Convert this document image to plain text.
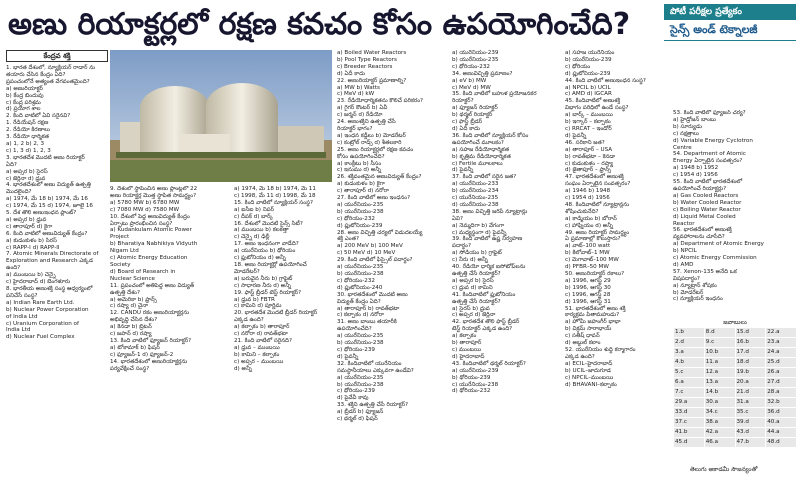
అణు రియాక్టర్లలో రక్షణ కవచం కోసం ఉపయోగించేది?	పోటీ పరీక్షల ప్రత్యేకం
సైన్స్ అండ్ టెక్నాలజీ
కేంద్రవ శక్తి

1. భారత దేశంలో, న్యూక్లియర్ రాడార్ ను

తయారు చేసిన కేంద్రం ఏది?

ప్రపంచంలోనే అత్యంత వేగవంతమైంది?

a) అణురియాక్టర్

b) కేంద్ర బిందువు

c) కేంద్ర పరిశ్రమ

d) ప్రయోగ శాల

2. కింది వాటిలో ఏవి సరైనవి?

1. రేడియేషన్ రక్షణ

2. రేడియో కిరణాలు

3. రేడియో ధార్మికత

a) 1, 2 b) 2, 3

c) 1, 3 d) 1, 2, 3

3. భారతదేశ మొదటి అణు రియాక్టర్

ఏది?

a) అప్సర b) సైరస్

c) జెర్లినా d) ధ్రువ

4. భారతదేశంలో అణు విద్యుత్ ఉత్పత్తి

మొదలైంది?

a) 1974, మే 18 b) 1974, మే 16

c) 1974, మే 15 d) 1974, జూలై 16

5. దేశ తొలి అణుఇంధన ప్లాంట్?

a) అప్సర b) ధ్రువ

c) తారాపూర్ d) కైగా

6. కింది వాటిలో అణువిద్యుత్ కేంద్రం?

a) కుడంకుళం b) సిరస్

c) RAPP-I d) RAPP-II

7. Atomic Minerals Directorate of

Exploration and Research ఎక్కడ

ఉంది?

a) ముంబయి b) చెన్నై

c) హైదరాబాద్ d) బెంగళూరు

8. భారతీయ అణుశక్తి సంస్థ ఆధ్వర్యంలో

పనిచేసే సంస్థ?

a) Indian Rare Earth Ltd.

b) Nuclear Power Corporation

of India Ltd

c) Uranium Corporation of

India Ltd

d) Nuclear Fuel Complex

9. దేశంలో స్థాపించిన అణు ప్లాంట్లలో 22

అణు రియాక్టర్ల మొత్త స్థాపిత సామర్థ్యం?

a) 5780 MW b) 6780 MW

c) 7080 MW d) 7580 MW

10. దేశంలో పెద్ద అణువిద్యుత్ కేంద్రం

ఏర్పాటు ప్రారంభించిన సంస్థ?

a) Kudankulam Atomic Power

Project

b) Bharatiya Nabhikiya Vidyuth

Nigam Ltd

c) Atomic Energy Education

Society

d) Board of Research in

Nuclear Science

11. ప్రపంచంలో అతిపెద్ద అణు విద్యుత్

ఉత్పత్తి దేశం?

a) అమెరికా b) ఫ్రాన్స్

c) రష్యా d) చైనా

12. CANDU రకం అణురియాక్టర్లను

అభివృద్ధి చేసిన దేశం?

a) కెనడా b) బ్రిటన్

c) జపాన్ d) రష్యా

13. కింది వాటిలో ఫ్యూజన్ రియాక్టర్?

a) టోకామాక్ b) ఫిషన్

c) ఫ్యూజన్-1 d) ఫ్యూజన్-2

14. భారతదేశంలో అణురియాక్టర్లను

పర్యవేక్షించే సంస్థ?

a) 1974, మే 18 b) 1974, మే 11

c) 1998, మే 11 d) 1998, మే 18

15. కింది వాటిలో న్యూక్లియర్ సంస్థ?

a) ఐసీఐ b) నిపర్

c) దీపక్ d) బార్క్

16. దేశంలో మొదటి సైన్స్ సిటీ?

a) ముంబయి b) కలకత్తా

c) చెన్నై d) ఢిల్లీ

17. అణు ఇంధనంగా వాడేది?

a) యురేనియం b) థోరియం

c) ప్లుటోనియం d) అన్నీ

18. అణు రియాక్టర్లో ఉపయోగించే

మోడరేటర్?

a) బరువైన నీరు b) గ్రాఫైట్

c) సాధారణ నీరు d) అన్నీ

19. ఫాస్ట్ బ్రీడర్ టెస్ట్ రియాక్టర్?

a) ధ్రువ b) FBTR

c) కామిని d) పూర్ణిమ

20. భారతదేశ మొదటి బ్రీడర్ రియాక్టర్

ఎక్కడ ఉంది?

a) కల్పాకం b) తారాపూర్

c) నరోరా d) రావత్‌భటా

21. కింది వాటిలో సరైనది?

a) ధ్రువ – ముంబయి

b) కామిని – కల్పాకం

c) అప్సర – ముంబయి

d) అన్నీ

a) Boiled Water Reactors

b) Pool Type Reactors

c) Breeder Reactors

d) ఏదీ కాదు

22. అణురియాక్టర్ ప్రమాణాల్ని?

a) MW b) Watts

c) MeV d) kW

23. రేడియోధార్మికతను కొలిచే పరికరం?

a) గైగర్ కౌంటర్ b) ఏవీ

c) జర్మన్ d) రేడియో

24. అణుశక్తిని ఉత్పత్తి చేసే

రియాక్టర్ భాగం?

a) ఇంధన కడ్డీలు b) మోడరేటర్

c) కంట్రోల్ రాడ్స్ d) శీతలకారి

25. అణు రియాక్టర్లలో రక్షణ కవచం

కోసం ఉపయోగించేది?

a) కాంక్రీటు b) సీసం

c) ఇనుము d) అన్నీ

26. శక్తివంతమైన అణువిద్యుత్ కేంద్రం?

a) కుడంకుళం b) కైగా

c) తారాపూర్ d) నరోరా

27. కింది వాటిలో అణు ఇంధనం?

a) యురేనియం-235

b) యురేనియం-238

c) థోరియం-232

d) ప్లుటోనియం-239

28. అణు విచ్ఛిత్తి చర్యలో విడుదలయ్యే

శక్తి ఎంత?

a) 200 MeV b) 100 MeV

c) 50 MeV d) 10 MeV

29. కింది వాటిలో ఫిస్సైల్ పదార్థం?

a) యురేనియం-235

b) యురేనియం-238

c) థోరియం-232

d) ప్లుటోనియం-240

30. భారతదేశంలో మొదటి అణు

విద్యుత్ కేంద్రం ఏది?

a) తారాపూర్ b) రావత్‌భటా

c) కల్పాకం d) నరోరా

31. అణు బాంబు తయారీకి

ఉపయోగించేది?

a) యురేనియం-235

b) యురేనియం-238

c) థోరియం-239

d) పైవన్నీ

32. కిందివాటిలో యురేనియం

సమస్థానీయాలు ఎక్కువగా ఉండేవి?

a) యురేనియం-235

b) యురేనియం-238

c) థోరియం-239

d) పైవేవీ కావు

33. శక్తిని ఉత్పత్తి చేసే రియాక్టర్?

a) బ్రీడర్ b) ఫ్యూజన్

c) థర్మల్ d) ఫిషన్

a) యురేనియం-239

b) యురేనియం-235

c) థోరియం-232

34. అణువిచ్ఛిత్తి ప్రమాణం?

a) eV b) MW

c) MeV d) MW

35. కింది వాటిలో బహుళ ప్రయోజనకర

రియాక్టర్?

a) ఫ్యూజన్ రియాక్టర్

b) థర్మల్ రియాక్టర్

c) ఫాస్ట్ బ్రీడర్

d) ఏదీ కాదు

36. కింది వాటిలో న్యూక్లియర్ కోసం

ఉపయోగించే మూలకం?

a) సహజ రేడియోధార్మికత

b) కృత్రిమ రేడియోధార్మికత

c) Fertile మూలకాలు

d) పైవన్నీ

37. కింది వాటిలో సరైన జత?

a) యురేనియం-233

b) యురేనియం-234

c) యురేనియం-235

d) యురేనియం-238

38. అణు విచ్ఛిత్తి జరిపే న్యూట్రాన్లు

ఏవి?

a) నెమ్మదిగా b) వేగంగా

c) మధ్యస్థంగా d) పైవన్నీ

39. కింది వాటిలో ఉష్ణ నిర్వహణ

పదార్థం?

a) సోడియం b) గ్రాఫైట్

c) నీరు d) అన్నీ

40. రేడియో ధార్మిక ఐసోటోప్‌లను

ఉత్పత్తి చేసే రియాక్టర్?

a) అప్సర b) సైరస్

c) ధ్రువ d) కామిని

41. కిందివాటిలో ప్లుటోనియం

ఉత్పత్తి చేసే రియాక్టర్?

a) సైరస్ b) ధ్రువ

c) అప్సర d) జెర్లినా

42. భారతదేశ తొలి ఫాస్ట్ బ్రీడర్

టెస్ట్ రియాక్టర్ ఎక్కడ ఉంది?

a) కల్పాకం

b) తారాపూర్

c) ముంబయి

d) హైదరాబాద్

43. కిందివాటిలో థర్మల్ రియాక్టర్?

a) యురేనియం-239

b) థోరియం-239

c) యురేనియం-238

d) థోరియం-232

a) సహజ యురేనియం

b) యురేనియం-239

c) థోరియం

d) ప్లుటోనియం-239

44. కింది వాటిలో అణుఇంధన సంస్థ?

a) NPCIL b) UCIL

c) AMD d) IGCAR

45. కిందివాటిలో అణుశక్తి

విభాగం పరిధిలో ఉండే సంస్థ?

a) బార్క్ – ముంబయి

b) ఇగ్కార్ – కల్పాకం

c) RRCAT – ఇండోర్

d) పైవన్నీ

46. సరికాని జత?

a) తారాపూర్ – USA

b) రావత్‌భటా – కెనడా

c) కుడంకుళం – రష్యా

d) జైతాపూర్ – ఫ్రాన్స్

47. భారతదేశంలో అణుశక్తి

సంఘం ఏర్పాటైన సంవత్సరం?

a) 1946 b) 1948

c) 1954 d) 1956

48. కిందివాటిలో న్యూట్రాన్లను

శోషించుకునేది?

a) కాడ్మియం b) బోరాన్

c) హాఫ్నియం d) అన్నీ

49. అణు రియాక్టర్ సామర్థ్యం

ఏ ప్రమాణాల్లో కొలుస్తారు?

a) వాట్‌–100 watt

b) కిలోవాట్–1 MW

c) మెగావాట్–100 MW

d) PFBR–50 MW

50. అణురియాక్టర్ రకాలు?

a) 1996, ఆగస్ట్ 29

b) 1996, ఆగస్ట్ 30

c) 1996, ఆగస్ట్ 28

d) 1996, ఆగస్ట్ 31

51. భారతదేశంలో అణు శక్తి

కార్యక్రమ పితామహుడు?

a) హోమీ జహంగీర్ భాభా

b) విక్రమ్ సారాభాయ్

c) సతీష్ ధావన్

d) అబ్దుల్ కలాం

52. యురేనియం శుద్ధి కర్మాగారం

ఎక్కడ ఉంది?

a) ECIL–హైదరాబాద్

b) UCIL–జాదుగూడ

c) NPCIL–ముంబయి

d) BHAVANI–కల్పాకం

53. కింది వాటిలో ఫ్యూజన్ చర్య?

a) హైడ్రోజన్ బాంబు

b) సూర్యుడు

c) నక్షత్రాలు

d) Variable Energy Cyclotron

Centre

54. Department of Atomic

Energy ఏర్పాటైన సంవత్సరం?

a) 1948 b) 1952

c) 1954 d) 1956

55. కింది వాటిలో భారతదేశంలో

ఉపయోగించే రియాక్టర్లు?

a) Gas Cooled Reactors

b) Water Cooled Reactor

c) Boiling Water Reactor

d) Liquid Metal Cooled

Reactor

56. భారతదేశంలో అణుశక్తి

వ్యవహారాలను చూసేది?

a) Department of Atomic Energy

b) NPCIL

c) Atomic Energy Commission

d) AMD

57. Xenon-135 అనేది ఒక

విషపదార్థం?

a) న్యూట్రాన్ శోషకం

b) మోడరేటర్

c) న్యూక్లియర్ ఇంధనం

జవాబులు
1.b	8.d	15.d	22.a
2.d	9.c	16.b	23.a
3.a	10.b	17.d	24.a
4.b	11.a	18.d	25.d
5.c	12.a	19.b	26.a
6.a	13.a	20.a	27.d
7.c	14.b	21.d	28.a
29.a	30.a	31.a	32.b
33.d	34.c	35.c	36.d
37.c	38.a	39.d	40.a
41.b	42.a	43.d	44.a
45.d	46.a	47.b	48.d
తెలుగు అకాడమీ సౌజన్యంతో
